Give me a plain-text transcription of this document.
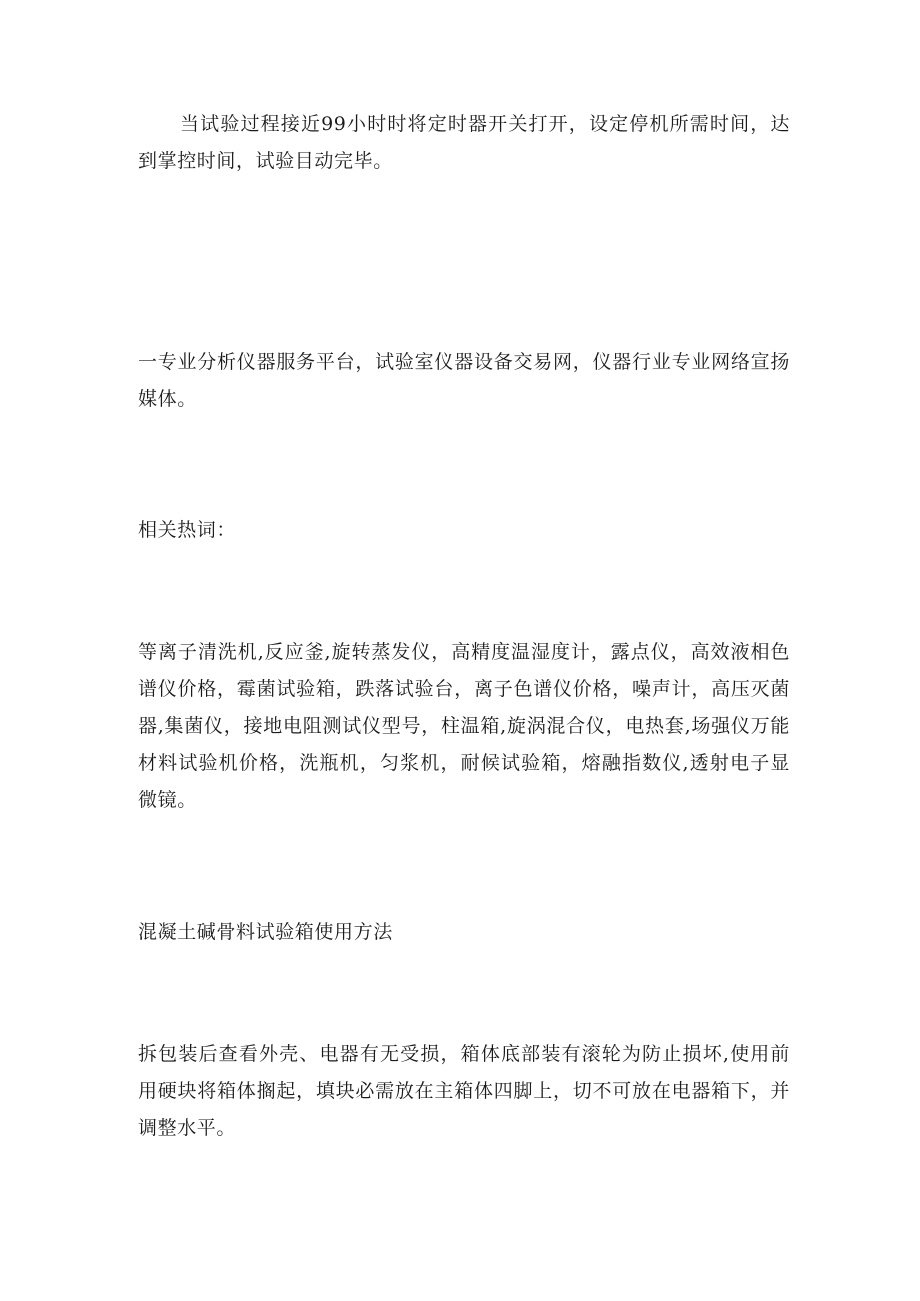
当试验过程接近99小时时将定时器开关打开，设定停机所需时间，达到掌控时间，试验目动完毕。

一专业分析仪器服务平台，试验室仪器设备交易网，仪器行业专业网络宣扬媒体。

相关热词：

等离子清洗机,反应釜,旋转蒸发仪，高精度温湿度计，露点仪，高效液相色谱仪价格，霉菌试验箱，跌落试验台，离子色谱仪价格，噪声计，高压灭菌器,集菌仪，接地电阻测试仪型号，柱温箱,旋涡混合仪，电热套,场强仪万能材料试验机价格，洗瓶机，匀浆机，耐候试验箱，熔融指数仪,透射电子显微镜。

混凝土碱骨料试验箱使用方法

拆包装后查看外壳、电器有无受损，箱体底部装有滚轮为防止损坏,使用前用硬块将箱体搁起，填块必需放在主箱体四脚上，切不可放在电器箱下，并调整水平。
